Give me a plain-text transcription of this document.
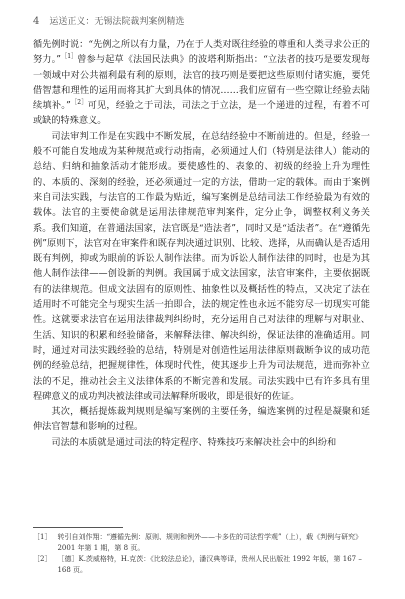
4 运送正义：无锡法院裁判案例精选

循先例时说：“先例之所以有力量，乃在于人类对既往经验的尊重和人类寻求公正的努力。”$^{[1]}$曾参与起草《法国民法典》的波塔利斯指出：“立法者的技巧是要发现每一领域中对公共福利最有利的原则，法官的技巧则是要把这些原则付诸实施，要凭借智慧和理性的运用而将其扩大到具体的情况……我们应留有一些空隙让经验去陆续填补。”$^{[2]}$可见，经验之于司法，司法之于立法，是一个递进的过程，有着不可或缺的特殊意义。

司法审判工作是在实践中不断发展，在总结经验中不断前进的。但是，经验一般不可能自发地成为某种规范或行动指南，必须通过人们（特别是法律人）能动的总结、归纳和抽象活动才能形成。要使感性的、表象的、初级的经验上升为理性的、本质的、深刻的经验，还必须通过一定的方法，借助一定的载体。而由于案例来自司法实践，与法官的工作最为贴近，编写案例是总结司法工作经验最为有效的载体。法官的主要使命就是运用法律规范审判案件，定分止争，调整权利义务关系。我们知道，在普通法国家，法官既是“造法者”，同时又是“适法者”。在“遵循先例”原则下，法官对在审案件和既存判决通过识别、比较、选择，从而确认是否适用既有判例，抑或为眼前的诉讼人制作法律。而为诉讼人制作法律的同时，也是为其他人制作法律——创设新的判例。我国属于成文法国家，法官审案件，主要依据既有的法律规范。但成文法固有的原则性、抽象性以及概括性的特点，又决定了法在适用时不可能完全与现实生活一拍即合，法的规定性也永远不能穷尽一切现实可能性。这就要求法官在运用法律裁判纠纷时，充分运用自己对法律的理解与对职业、生活、知识的积累和经验储备，来解释法律、解决纠纷，保证法律的准确适用。同时，通过对司法实践经验的总结，特别是对创造性运用法律原则裁断争议的成功范例的经验总结，把握规律性，体现时代性，使其逐步上升为司法规范，进而弥补立法的不足，推动社会主义法律体系的不断完善和发展。司法实践中已有许多具有里程碑意义的成功判决被法律或司法解释所吸收，即是很好的佐证。

其次，概括提炼裁判规则是编写案例的主要任务，编选案例的过程是凝聚和延伸法官智慧和影响的过程。

司法的本质就是通过司法的特定程序、特殊技巧来解决社会中的纠纷和

［1］ 转引自刘作翔：“遵循先例：原则、规则和例外——卡多佐的司法哲学观”（上），载《判例与研究》2001 年第 1 期，第 8 页。
［2］ ［德］K.茨威格特，H.克茨：《比较法总论》，潘汉典等译，贵州人民出版社 1992 年版，第 167 – 168 页。
